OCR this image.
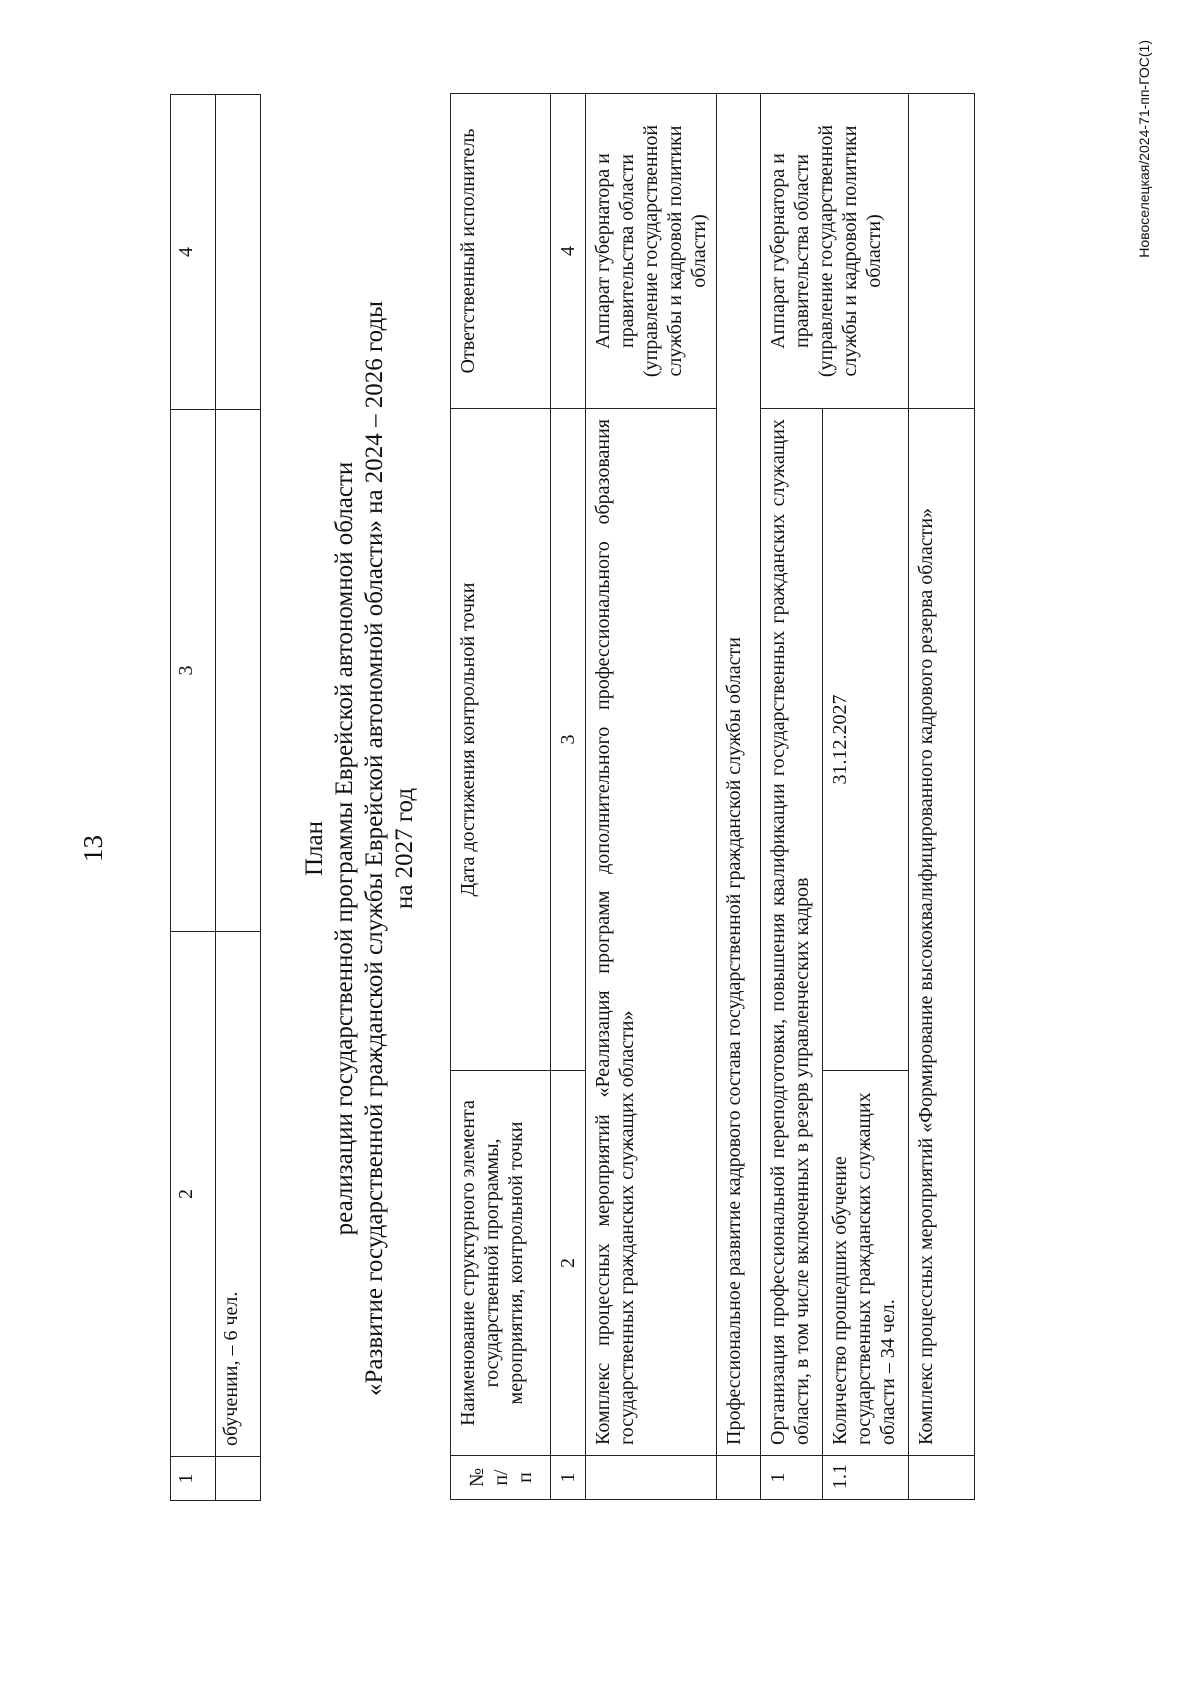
13
1	2	3	4
	обучении, – 6 чел.		
План реализации государственной программы Еврейской автономной области «Развитие государственной гражданской службы Еврейской автономной области» на 2024 – 2026 годы на 2027 год
№ п/п	Наименование структурного элемента государственной программы, мероприятия, контрольной точки	Дата достижения контрольной точки	Ответственный исполнитель
1	2	3	4
	Комплекс процессных мероприятий «Реализация программ дополнительного профессионального образования государственных гражданских служащих области»		Аппарат губернатора и правительства области (управление государственной службы и кадровой политики области)
	Профессиональное развитие кадрового состава государственной гражданской службы области		
1	Организация профессиональной переподготовки, повышения квалификации государственных гражданских служащих области, в том числе включенных в резерв управленческих кадров		Аппарат губернатора и правительства области (управление государственной службы и кадровой политики области)
1.1	Количество прошедших обучение государственных гражданских служащих области – 34 чел.	31.12.2027	
	Комплекс процессных мероприятий «Формирование высококвалифицированного кадрового резерва области»		
Новоселецкая/2024-71-пп-ГОС(1)
